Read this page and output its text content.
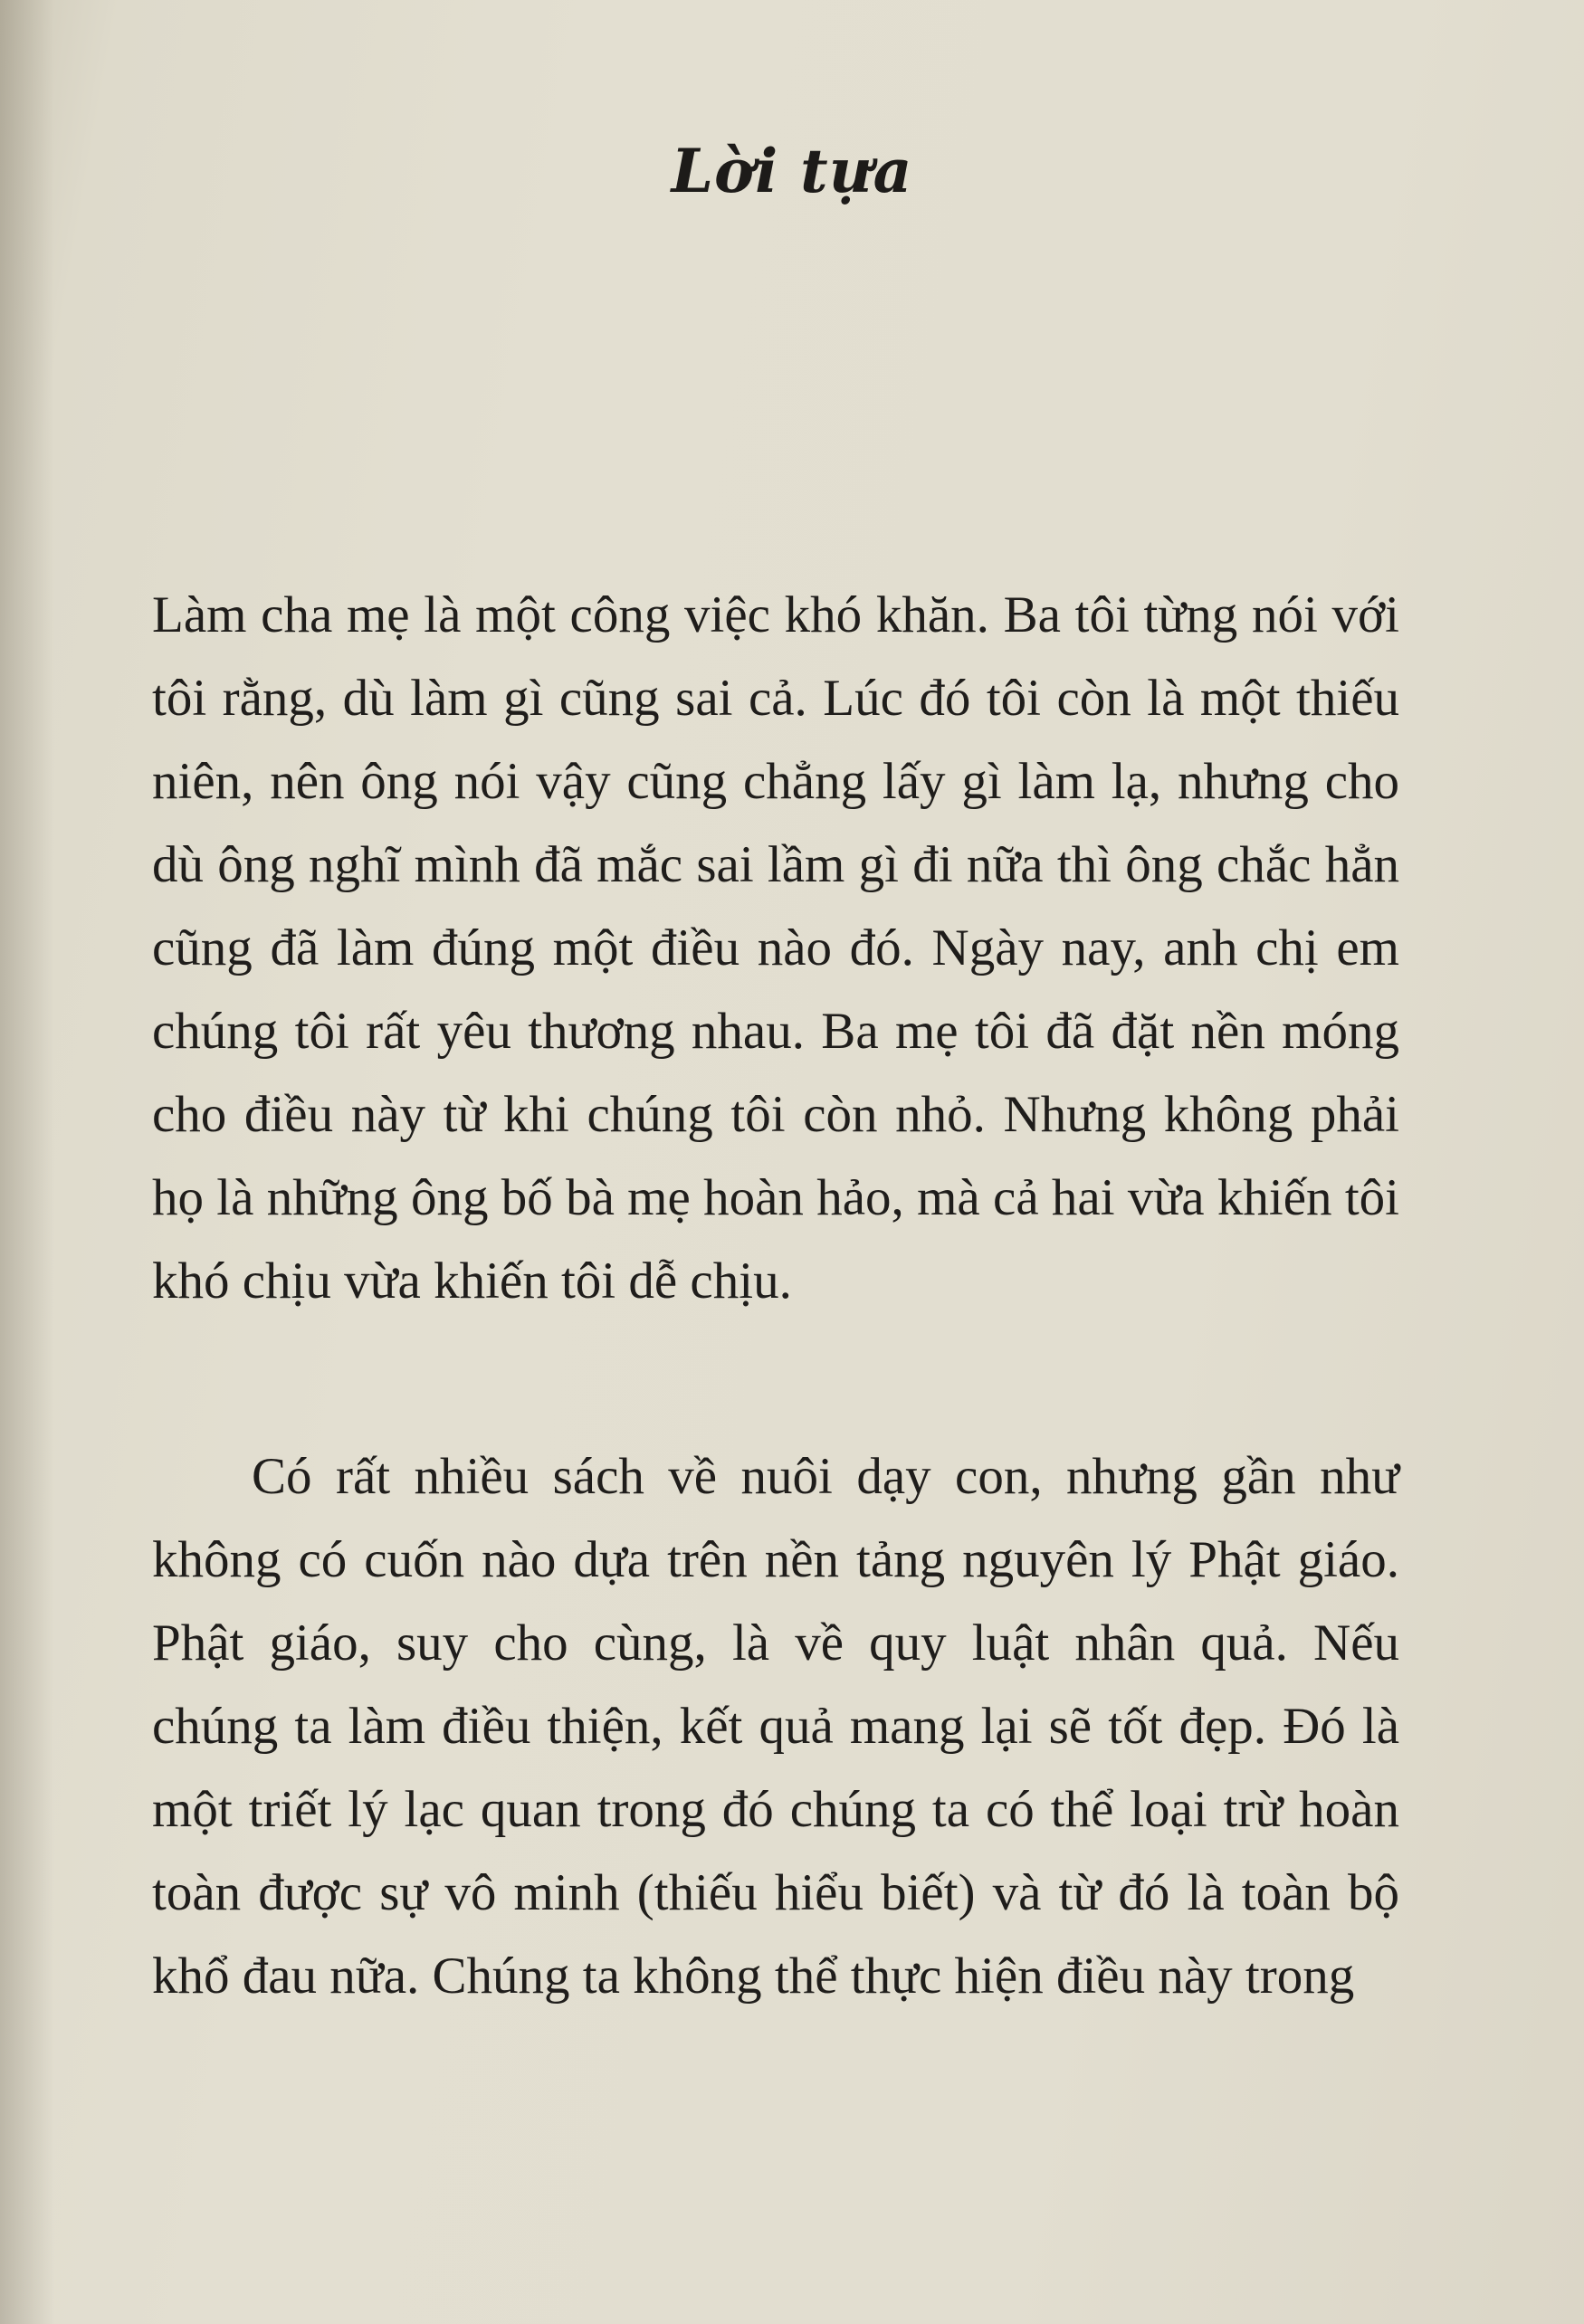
Lời tựa

Làm cha mẹ là một công việc khó khăn. Ba tôi từng nói với tôi rằng, dù làm gì cũng sai cả. Lúc đó tôi còn là một thiếu niên, nên ông nói vậy cũng chẳng lấy gì làm lạ, nhưng cho dù ông nghĩ mình đã mắc sai lầm gì đi nữa thì ông chắc hẳn cũng đã làm đúng một điều nào đó. Ngày nay, anh chị em chúng tôi rất yêu thương nhau. Ba mẹ tôi đã đặt nền móng cho điều này từ khi chúng tôi còn nhỏ. Nhưng không phải họ là những ông bố bà mẹ hoàn hảo, mà cả hai vừa khiến tôi khó chịu vừa khiến tôi dễ chịu.

Có rất nhiều sách về nuôi dạy con, nhưng gần như không có cuốn nào dựa trên nền tảng nguyên lý Phật giáo. Phật giáo, suy cho cùng, là về quy luật nhân quả. Nếu chúng ta làm điều thiện, kết quả mang lại sẽ tốt đẹp. Đó là một triết lý lạc quan trong đó chúng ta có thể loại trừ hoàn toàn được sự vô minh (thiếu hiểu biết) và từ đó là toàn bộ khổ đau nữa. Chúng ta không thể thực hiện điều này trong
